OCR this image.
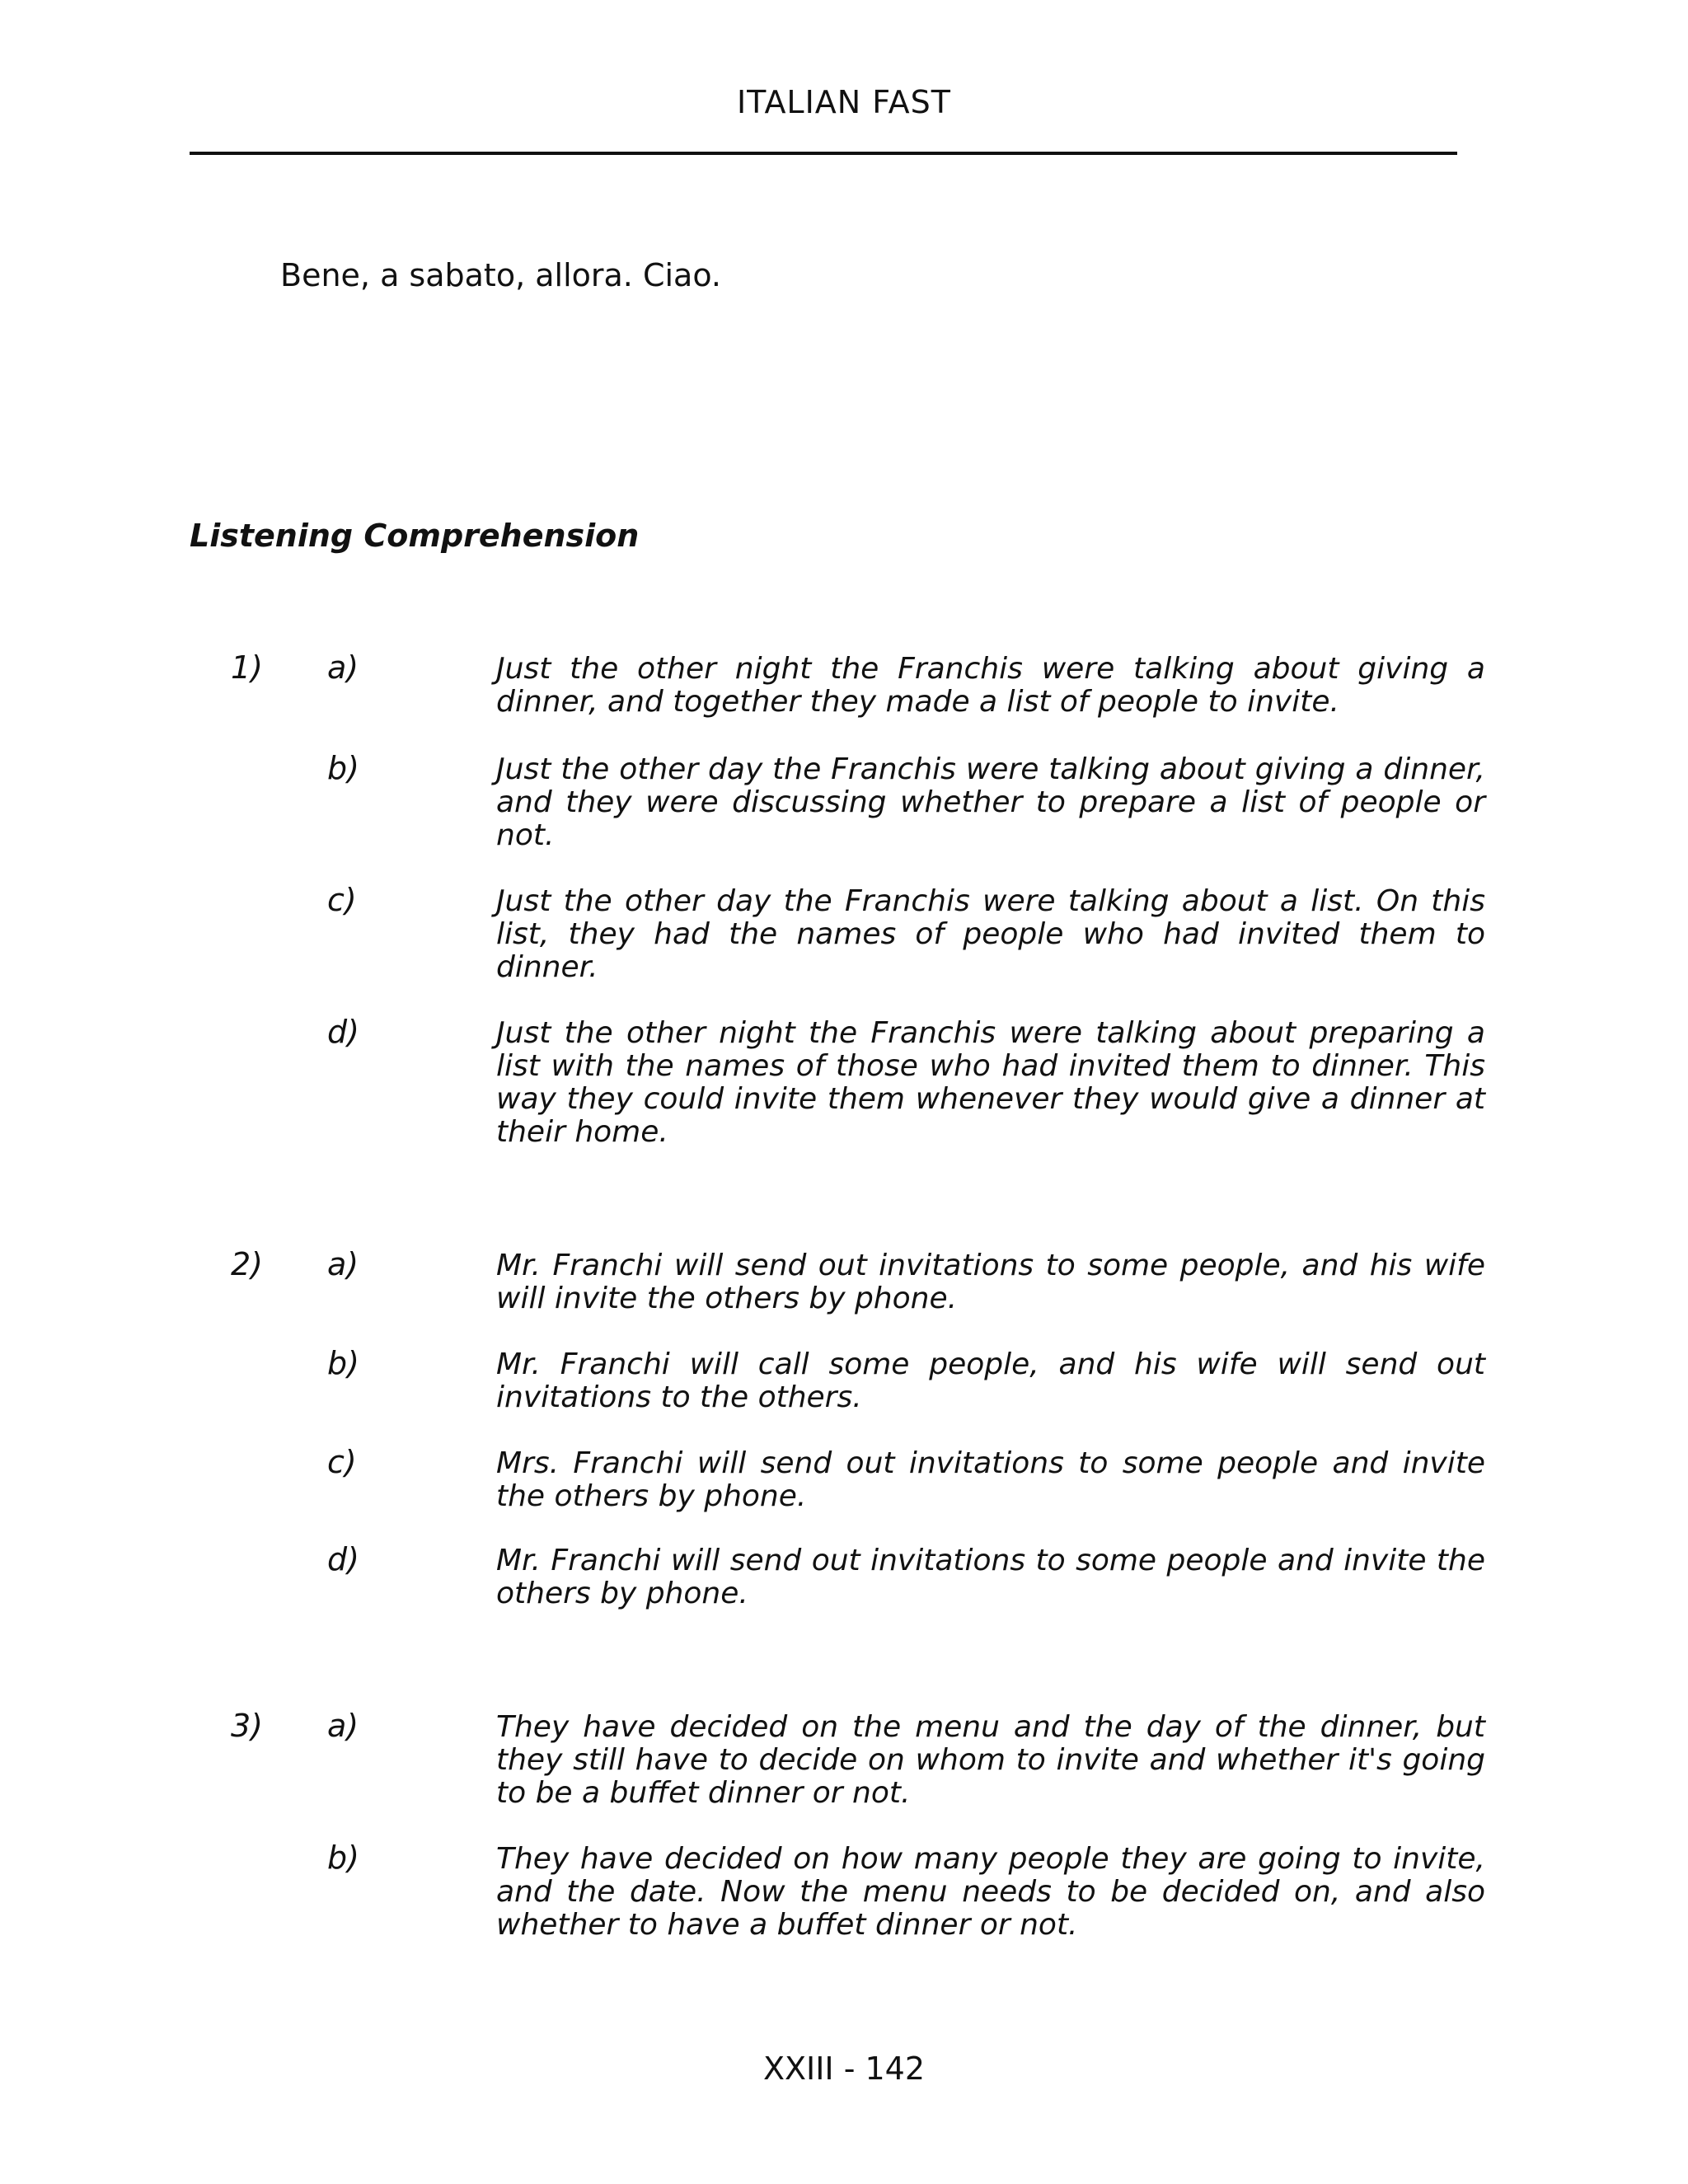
ITALIAN FAST
Bene, a sabato, allora. Ciao.
Listening Comprehension
1) a)	Just the other night the Franchis were talking about giving a dinner, and together they made a list of people to invite.

b)	Just the other day the Franchis were talking about giving a dinner, and they were discussing whether to prepare a list of people or not.

c)	Just the other day the Franchis were talking about a list. On this list, they had the names of people who had invited them to dinner.

d)	Just the other night the Franchis were talking about preparing a list with the names of those who had invited them to dinner. This way they could invite them whenever they would give a dinner at their home.

2) a)	Mr. Franchi will send out invitations to some people, and his wife will invite the others by phone.

b)	Mr. Franchi will call some people, and his wife will send out invitations to the others.

c)	Mrs. Franchi will send out invitations to some people and invite the others by phone.

d)	Mr. Franchi will send out invitations to some people and invite the others by phone.

3) a)	They have decided on the menu and the day of the dinner, but they still have to decide on whom to invite and whether it's going to be a buffet dinner or not.

b)	They have decided on how many people they are going to invite, and the date. Now the menu needs to be decided on, and also whether to have a buffet dinner or not.

XXIII - 142
